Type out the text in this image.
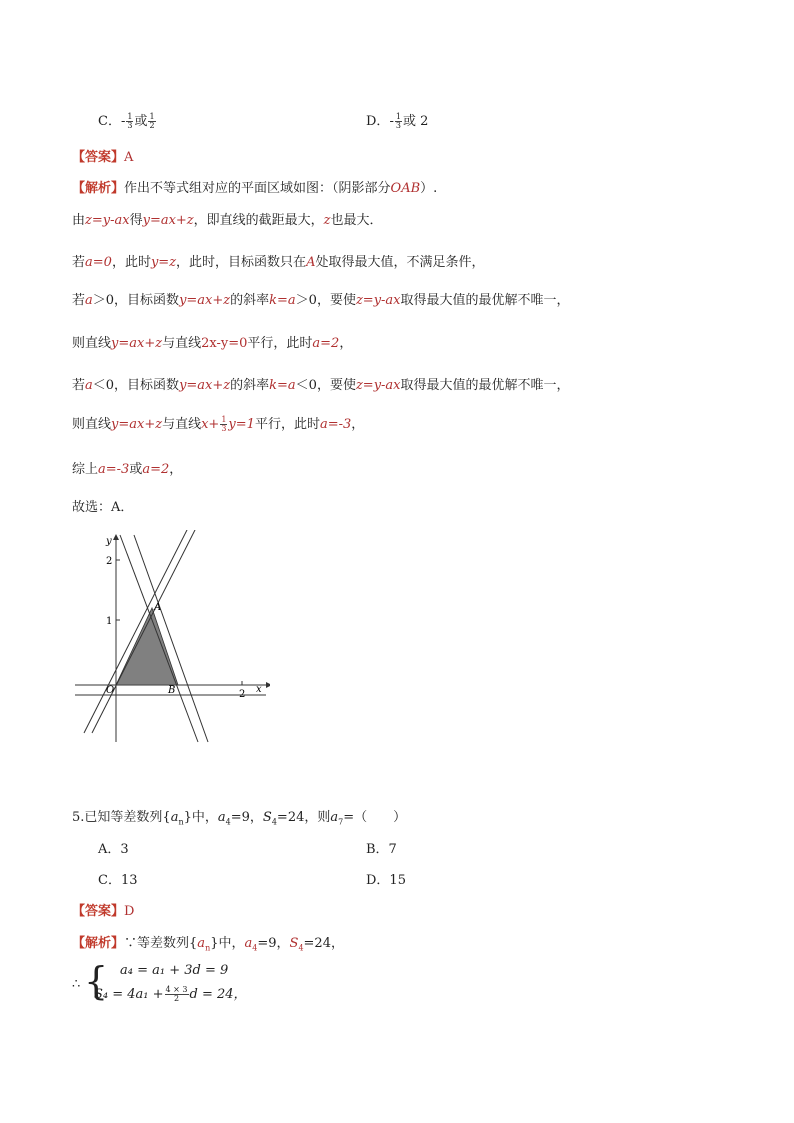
C．- $\frac{1}{3}$ 或 $\frac{1}{2}$	D．- $\frac{1}{3}$ 或 2
【答案】A
【解析】作出不等式组对应的平面区域如图：（阴影部分OAB）.
由z=y-ax得y=ax+z，即直线的截距最大，z也最大．
若a=0，此时y=z，此时，目标函数只在A处取得最大值，不满足条件，
若a＞0，目标函数y=ax+z的斜率k=a＞0，要使z=y-ax取得最大值的最优解不唯一，
则直线y=ax+z与直线2x-y=0平行，此时a=2，
若a＜0，目标函数y=ax+z的斜率k=a＜0，要使z=y-ax取得最大值的最优解不唯一，
则直线y=ax+z与直线$x+ \frac{1}{3} y=1$平行，此时a=-3，
综上a=-3或a=2，
故选：A．
y
x
2
1
2
O
A
B
5.已知等差数列$\{a_n\}$中，$a_4=9$，$S_4=24$，则$a_7=$（　　）
A．3	B．7
C．13	D．15
【答案】D
【解析】∵等差数列$\{a_n\}$中，$a_4=9$，$S_4=24$，
∴ { a₄ = a₁ + 3d = 9
$S_4 = 4a_1 + \frac{4 \times 3}{2}$ d = 24，
